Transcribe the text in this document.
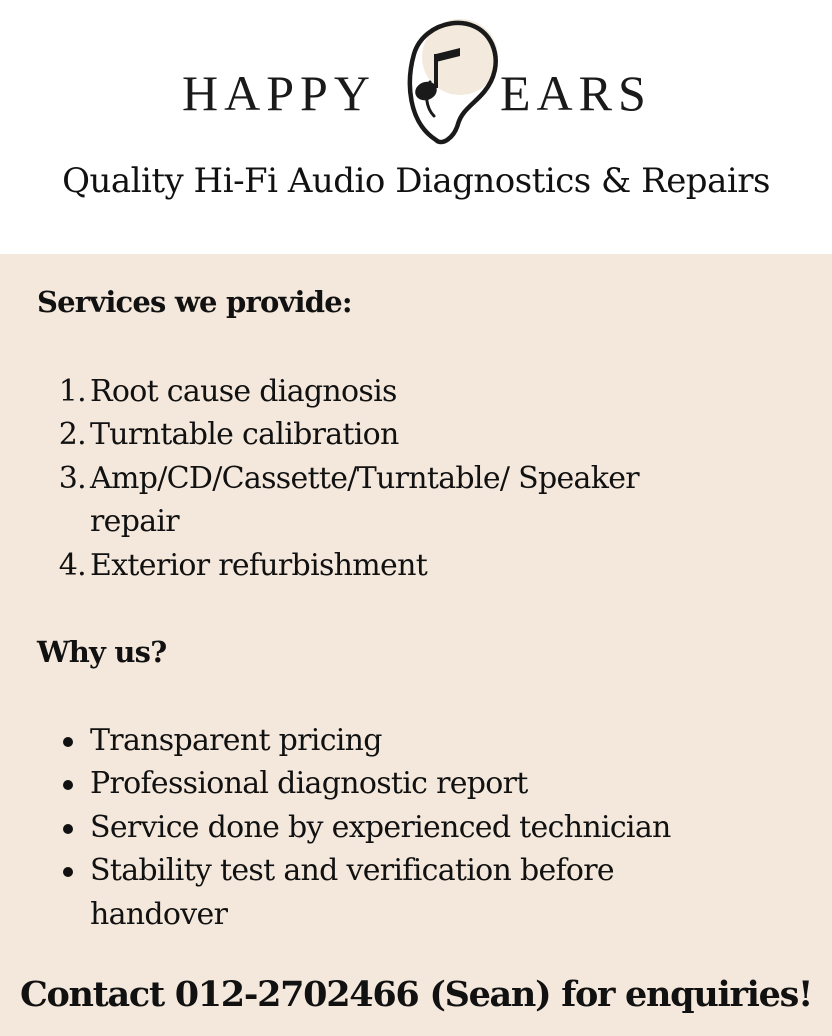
HAPPY EARS
Quality Hi-Fi Audio Diagnostics & Repairs
Services we provide:
1. Root cause diagnosis
2. Turntable calibration
3. Amp/CD/Cassette/Turntable/ Speaker repair
4. Exterior refurbishment
Why us?
Transparent pricing
Professional diagnostic report
Service done by experienced technician
Stability test and verification before handover
Contact 012-2702466 (Sean) for enquiries!
